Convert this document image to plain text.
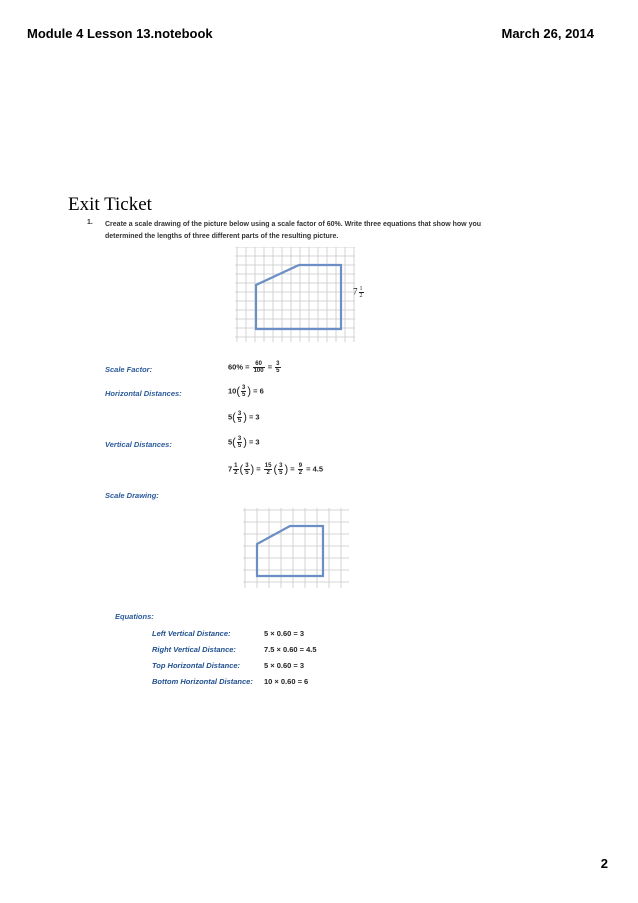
Module 4 Lesson 13.notebook	March 26, 2014
Exit Ticket
1. Create a scale drawing of the picture below using a scale factor of 60%. Write three equations that show how you
determined the lengths of three different parts of the resulting picture.
$7 \frac{1}{2}$
Scale Factor:	$60\% = \frac{60}{100} = \frac{3}{5}$
Horizontal Distances:	$10( \frac{3}{5}$ ) = 6
$5( \frac{3}{5}$ ) = 3
Vertical Distances:	$5( \frac{3}{5}$ ) = 3
$7 \frac{1}{2}$ ( $\frac{3}{5}$ ) = $\frac{15}{2}$ ( $\frac{3}{5}$ ) = $\frac{9}{2} = 4.5$
Scale Drawing:
Equations:
Left Vertical Distance:	5 × 0.60 = 3
Right Vertical Distance:	7.5 × 0.60 = 4.5
Top Horizontal Distance:	5 × 0.60 = 3
Bottom Horizontal Distance: 10 × 0.60 = 6
2
